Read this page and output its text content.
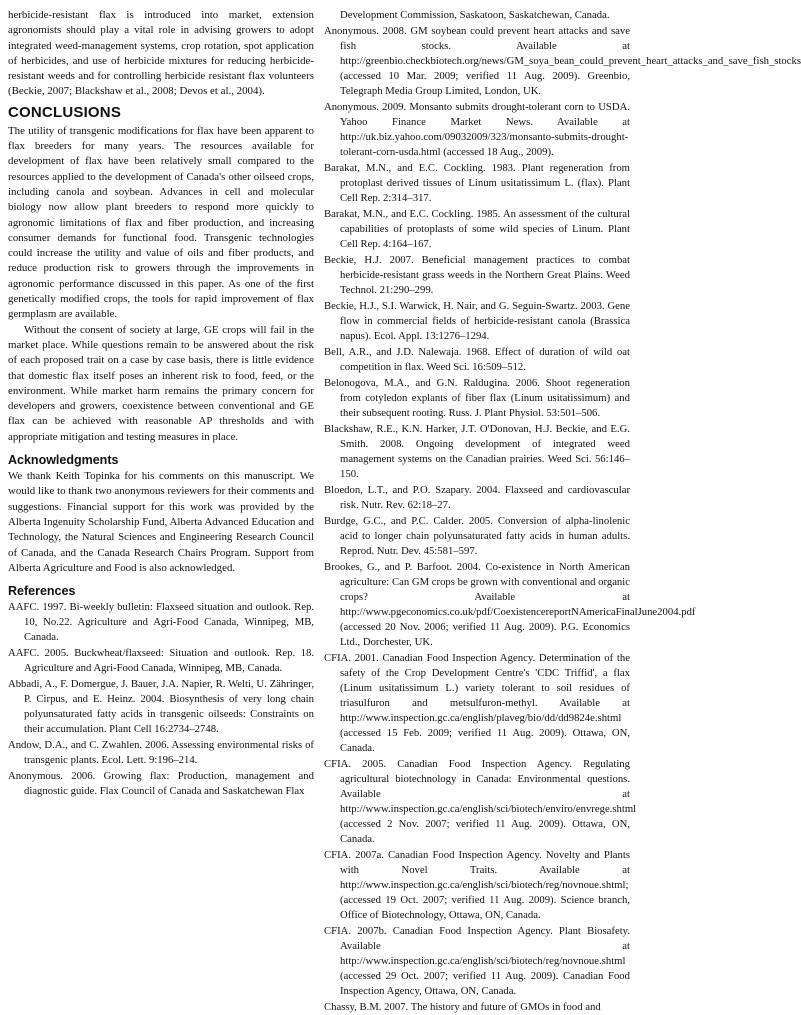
herbicide-resistant flax is introduced into market, extension agronomists should play a vital role in advising growers to adopt integrated weed-management systems, crop rotation, spot application of herbicides, and use of herbicide mixtures for reducing herbicide-resistant weeds and for controlling herbicide resistant flax volunteers (Beckie, 2007; Blackshaw et al., 2008; Devos et al., 2004).

CONCLUSIONS

The utility of transgenic modifications for flax have been apparent to flax breeders for many years. The resources available for development of flax have been relatively small compared to the resources applied to the development of Canada's other oilseed crops, including canola and soybean. Advances in cell and molecular biology now allow plant breeders to respond more quickly to agronomic limitations of flax and fiber production, and increasing consumer demands for functional food. Transgenic technologies could increase the utility and value of oils and fiber products, and reduce production risk to growers through the improvements in agronomic performance discussed in this paper. As one of the first genetically modified crops, the tools for rapid improvement of flax germplasm are available.

Without the consent of society at large, GE crops will fail in the market place. While questions remain to be answered about the risk of each proposed trait on a case by case basis, there is little evidence that domestic flax itself poses an inherent risk to food, feed, or the environment. While market harm remains the primary concern for developers and growers, coexistence between conventional and GE flax can be achieved with reasonable AP thresholds and with appropriate mitigation and testing measures in place.

Acknowledgments

We thank Keith Topinka for his comments on this manuscript. We would like to thank two anonymous reviewers for their comments and suggestions. Financial support for this work was provided by the Alberta Ingenuity Scholarship Fund, Alberta Advanced Education and Technology, the Natural Sciences and Engineering Research Council of Canada, and the Canada Research Chairs Program. Support from Alberta Agriculture and Food is also acknowledged.

References

AAFC. 1997. Bi-weekly bulletin: Flaxseed situation and outlook. Rep. 10, No.22. Agriculture and Agri-Food Canada, Winnipeg, MB, Canada.

AAFC. 2005. Buckwheat/flaxseed: Situation and outlook. Rep. 18. Agriculture and Agri-Food Canada, Winnipeg, MB, Canada.

Abbadi, A., F. Domergue, J. Bauer, J.A. Napier, R. Welti, U. Zähringer, P. Cirpus, and E. Heinz. 2004. Biosynthesis of very long chain polyunsaturated fatty acids in transgenic oilseeds: Constraints on their accumulation. Plant Cell 16:2734–2748.

Andow, D.A., and C. Zwahlen. 2006. Assessing environmental risks of transgenic plants. Ecol. Lett. 9:196–214.

Anonymous. 2006. Growing flax: Production, management and diagnostic guide. Flax Council of Canada and Saskatchewan Flax

Development Commission, Saskatoon, Saskatchewan, Canada.

Anonymous. 2008. GM soybean could prevent heart attacks and save fish stocks. Available at http://greenbio.checkbiotech.org/news/GM_soya_bean_could_prevent_heart_attacks_and_save_fish_stocks (accessed 10 Mar. 2009; verified 11 Aug. 2009). Greenbio, Telegraph Media Group Limited, London, UK.

Anonymous. 2009. Monsanto submits drought-tolerant corn to USDA. Yahoo Finance Market News. Available at http://uk.biz.yahoo.com/09032009/323/monsanto-submits-drought-tolerant-corn-usda.html (accessed 18 Aug., 2009).

Barakat, M.N., and E.C. Cockling. 1983. Plant regeneration from protoplast derived tissues of Linum usitatissimum L. (flax). Plant Cell Rep. 2:314–317.

Barakat, M.N., and E.C. Cockling. 1985. An assessment of the cultural capabilities of protoplasts of some wild species of Linum. Plant Cell Rep. 4:164–167.

Beckie, H.J. 2007. Beneficial management practices to combat herbicide-resistant grass weeds in the Northern Great Plains. Weed Technol. 21:290–299.

Beckie, H.J., S.I. Warwick, H. Nair, and G. Seguin-Swartz. 2003. Gene flow in commercial fields of herbicide-resistant canola (Brassica napus). Ecol. Appl. 13:1276–1294.

Bell, A.R., and J.D. Nalewaja. 1968. Effect of duration of wild oat competition in flax. Weed Sci. 16:509–512.

Belonogova, M.A., and G.N. Raldugina. 2006. Shoot regeneration from cotyledon explants of fiber flax (Linum usitatissimum) and their subsequent rooting. Russ. J. Plant Physiol. 53:501–506.

Blackshaw, R.E., K.N. Harker, J.T. O'Donovan, H.J. Beckie, and E.G. Smith. 2008. Ongoing development of integrated weed management systems on the Canadian prairies. Weed Sci. 56:146–150.

Bloedon, L.T., and P.O. Szapary. 2004. Flaxseed and cardiovascular risk. Nutr. Rev. 62:18–27.

Burdge, G.C., and P.C. Calder. 2005. Conversion of alpha-linolenic acid to longer chain polyunsaturated fatty acids in human adults. Reprod. Nutr. Dev. 45:581–597.

Brookes, G., and P. Barfoot. 2004. Co-existence in North American agriculture: Can GM crops be grown with conventional and organic crops? Available at http://www.pgeconomics.co.uk/pdf/CoexistencereportNAmericaFinalJune2004.pdf (accessed 20 Nov. 2006; verified 11 Aug. 2009). P.G. Economics Ltd., Dorchester, UK.

CFIA. 2001. Canadian Food Inspection Agency. Determination of the safety of the Crop Development Centre's 'CDC Triffid', a flax (Linum usitatissimum L.) variety tolerant to soil residues of triasulfuron and metsulfuron-methyl. Available at http://www.inspection.gc.ca/english/plaveg/bio/dd/dd9824e.shtml (accessed 15 Feb. 2009; verified 11 Aug. 2009). Ottawa, ON, Canada.

CFIA. 2005. Canadian Food Inspection Agency. Regulating agricultural biotechnology in Canada: Environmental questions. Available at http://www.inspection.gc.ca/english/sci/biotech/enviro/envrege.shtml (accessed 2 Nov. 2007; verified 11 Aug. 2009). Ottawa, ON, Canada.

CFIA. 2007a. Canadian Food Inspection Agency. Novelty and Plants with Novel Traits. Available at http://www.inspection.gc.ca/english/sci/biotech/reg/novnoue.shtml; (accessed 19 Oct. 2007; verified 11 Aug. 2009). Science branch, Office of Biotechnology, Ottawa, ON, Canada.

CFIA. 2007b. Canadian Food Inspection Agency. Plant Biosafety. Available at http://www.inspection.gc.ca/english/sci/biotech/reg/novnoue.shtml (accessed 29 Oct. 2007; verified 11 Aug. 2009). Canadian Food Inspection Agency, Ottawa, ON, Canada.

Chassy, B.M. 2007. The history and future of GMOs in food and
